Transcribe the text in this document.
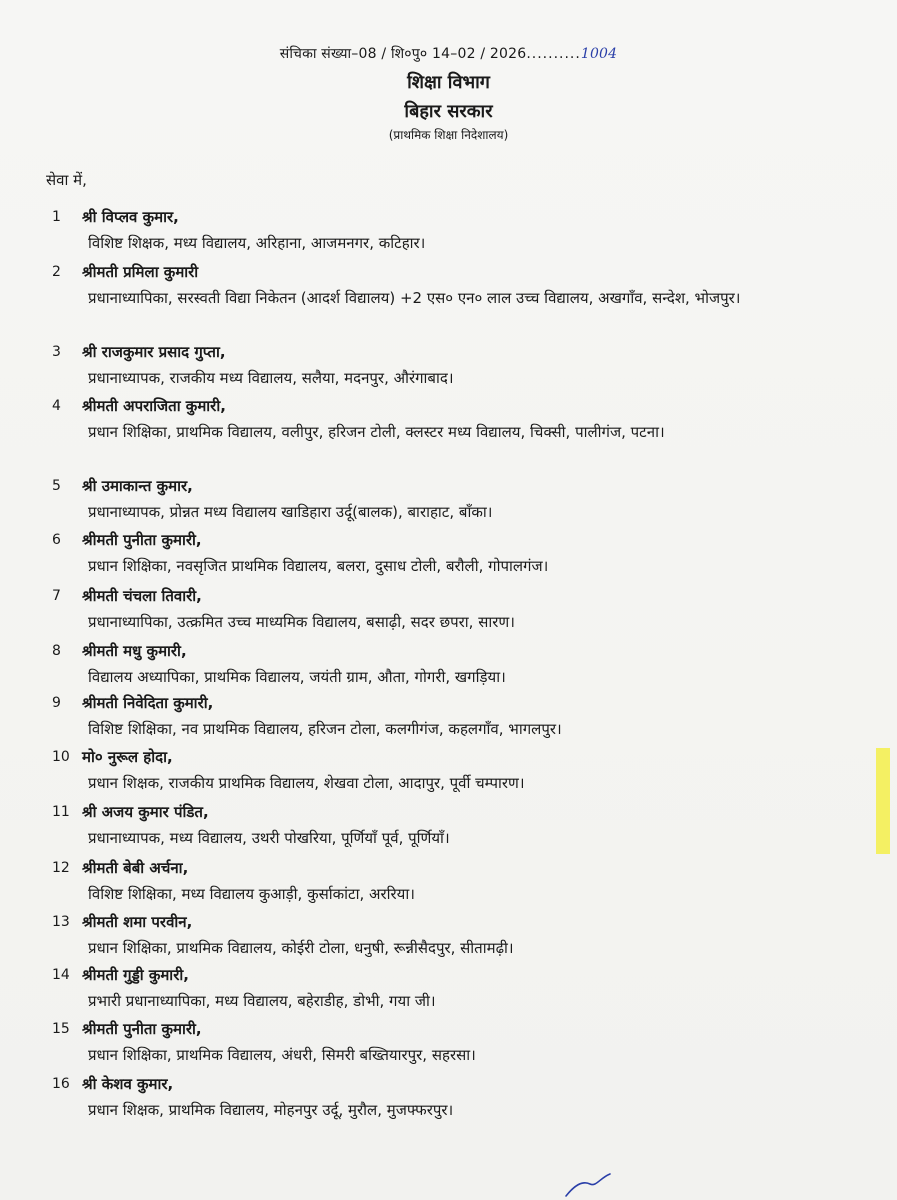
संचिका संख्या–08 / शि०पु० 14–02 / 2026..........1004
शिक्षा विभाग
बिहार सरकार
(प्राथमिक शिक्षा निदेशालय)
सेवा में,
1	श्री विप्लव कुमार,
विशिष्ट शिक्षक, मध्य विद्यालय, अरिहाना, आजमनगर, कटिहार।
2	श्रीमती प्रमिला कुमारी
प्रधानाध्यापिका, सरस्वती विद्या निकेतन (आदर्श विद्यालय) +2 एस० एन० लाल उच्च विद्यालय, अखगाँव, सन्देश, भोजपुर।
3	श्री राजकुमार प्रसाद गुप्ता,
प्रधानाध्यापक, राजकीय मध्य विद्यालय, सलैया, मदनपुर, औरंगाबाद।
4	श्रीमती अपराजिता कुमारी,
प्रधान शिक्षिका, प्राथमिक विद्यालय, वलीपुर, हरिजन टोली, क्लस्टर मध्य विद्यालय, चिक्सी, पालीगंज, पटना।
5	श्री उमाकान्त कुमार,
प्रधानाध्यापक, प्रोन्नत मध्य विद्यालय खाडिहारा उर्दू(बालक), बाराहाट, बाँका।
6	श्रीमती पुनीता कुमारी,
प्रधान शिक्षिका, नवसृजित प्राथमिक विद्यालय, बलरा, दुसाध टोली, बरौली, गोपालगंज।
7	श्रीमती चंचला तिवारी,
प्रधानाध्यापिका, उत्क्रमित उच्च माध्यमिक विद्यालय, बसाढ़ी, सदर छपरा, सारण।
8	श्रीमती मधु कुमारी,
विद्यालय अध्यापिका, प्राथमिक विद्यालय, जयंती ग्राम, औता, गोगरी, खगड़िया।
9	श्रीमती निवेदिता कुमारी,
विशिष्ट शिक्षिका, नव प्राथमिक विद्यालय, हरिजन टोला, कलगीगंज, कहलगाँव, भागलपुर।
10 मो० नुरूल होदा,
प्रधान शिक्षक, राजकीय प्राथमिक विद्यालय, शेखवा टोला, आदापुर, पूर्वी चम्पारण।
11 श्री अजय कुमार पंडित,
प्रधानाध्यापक, मध्य विद्यालय, उथरी पोखरिया, पूर्णियाँ पूर्व, पूर्णियाँ।
12 श्रीमती बेबी अर्चना,
विशिष्ट शिक्षिका, मध्य विद्यालय कुआड़ी, कुर्साकांटा, अररिया।
13 श्रीमती शमा परवीन,
प्रधान शिक्षिका, प्राथमिक विद्यालय, कोईरी टोला, धनुषी, रून्नीसैदपुर, सीतामढ़ी।
14 श्रीमती गुड्डी कुमारी,
प्रभारी प्रधानाध्यापिका, मध्य विद्यालय, बहेराडीह, डोभी, गया जी।
15 श्रीमती पुनीता कुमारी,
प्रधान शिक्षिका, प्राथमिक विद्यालय, अंधरी, सिमरी बख्तियारपुर, सहरसा।
16 श्री केशव कुमार,
प्रधान शिक्षक, प्राथमिक विद्यालय, मोहनपुर उर्दू, मुरौल, मुजफ्फरपुर।
